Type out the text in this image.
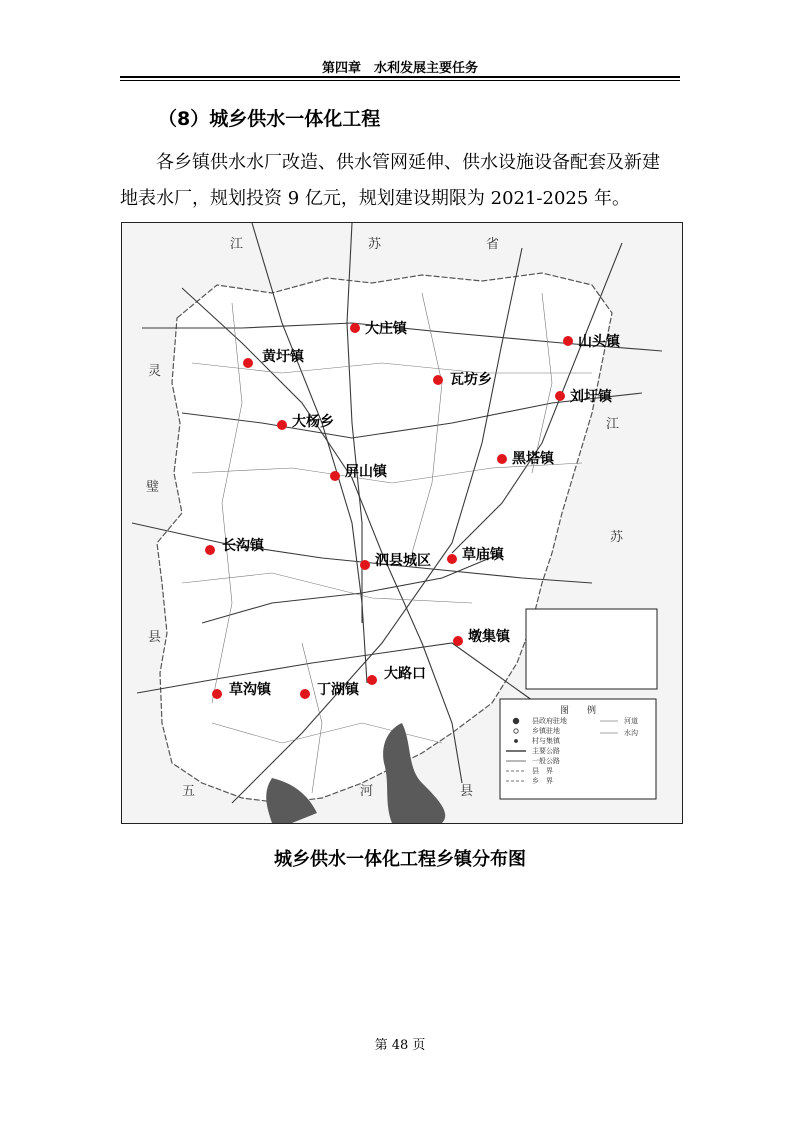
第四章　水利发展主要任务
（8）城乡供水一体化工程
各乡镇供水水厂改造、供水管网延伸、供水设施设备配套及新建
地表水厂，规划投资 9 亿元，规划建设期限为 2021-2025 年。
江	苏	省
灵
璧
县
江
苏
五	河	县
图　　例
县政府驻地
乡镇驻地
村与集镇
主要公路
一般公路
县　界
乡　界
河道
水沟
大庄镇
山头镇
黄圩镇
瓦坊乡
刘圩镇
大杨乡
黑塔镇
屏山镇
长沟镇
泗县城区 草庙镇
墩集镇
大路口
草沟镇	丁湖镇
城乡供水一体化工程乡镇分布图
第 48 页
